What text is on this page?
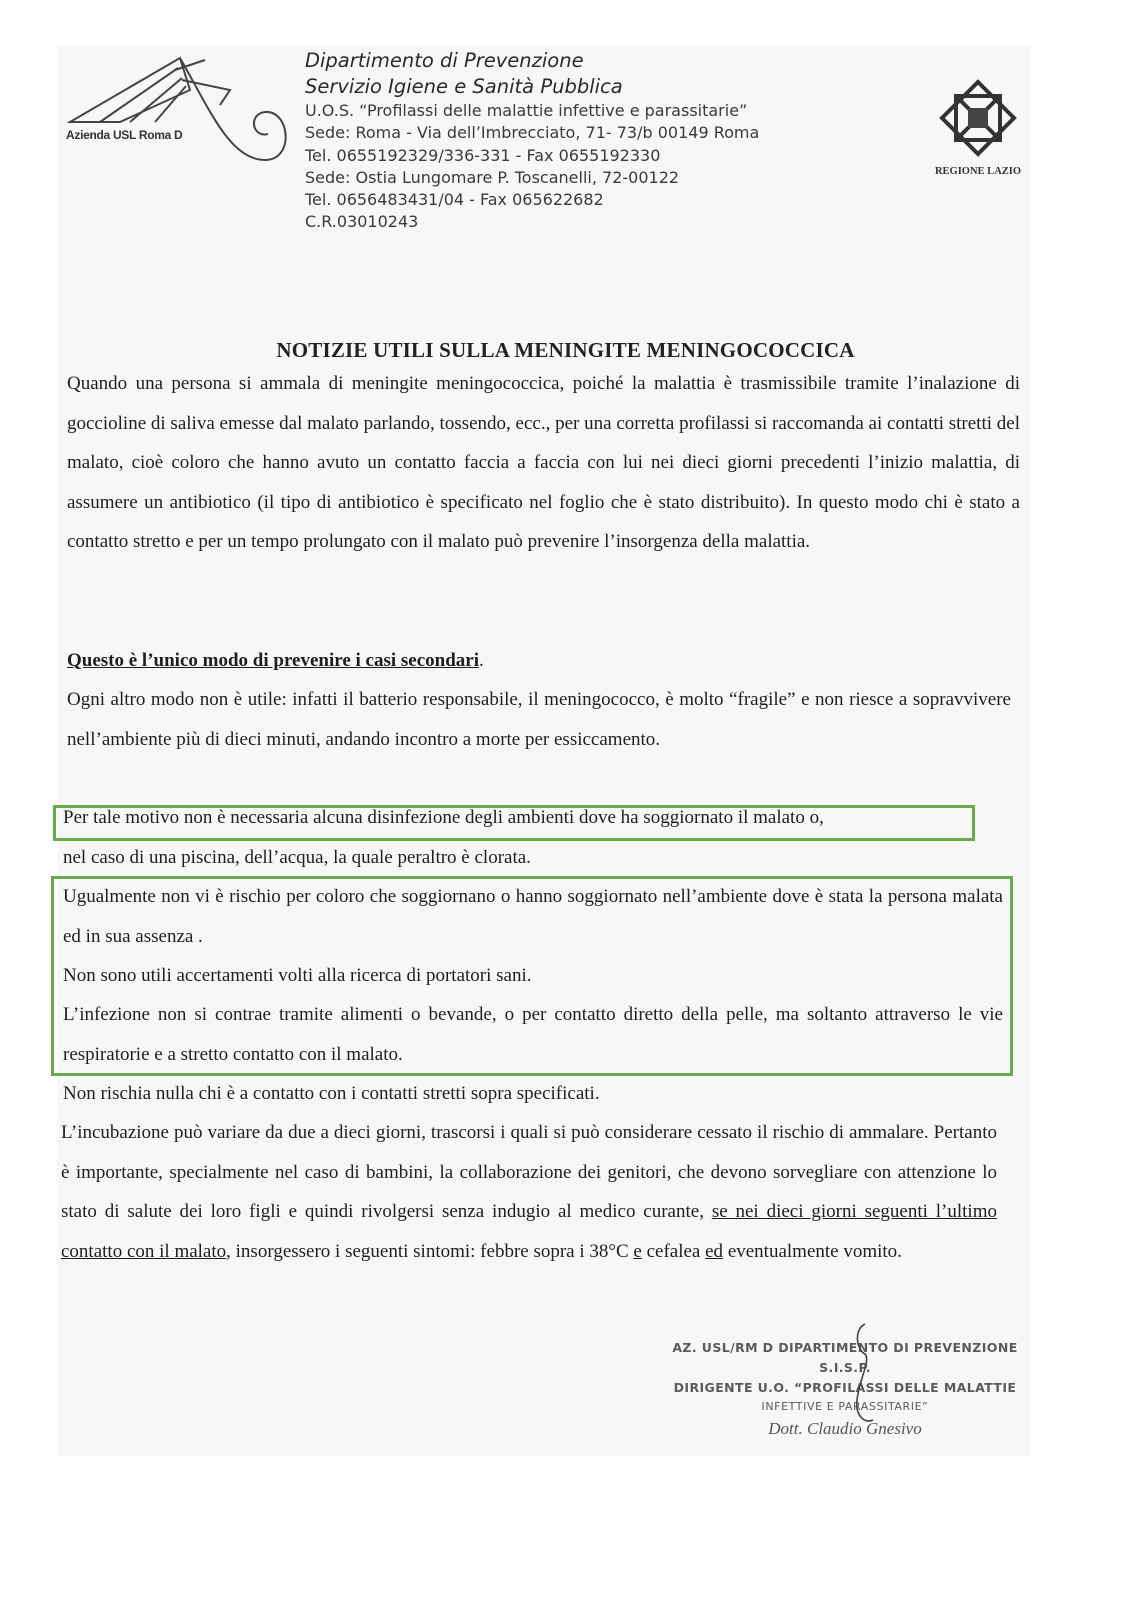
Azienda USL Roma D
Dipartimento di Prevenzione
Servizio Igiene e Sanità Pubblica
U.O.S. “Profilassi delle malattie infettive e parassitarie”
Sede: Roma - Via dell’Imbrecciato, 71- 73/b 00149 Roma
Tel. 0655192329/336-331 - Fax 0655192330
Sede: Ostia Lungomare P. Toscanelli, 72-00122
Tel. 0656483431/04 - Fax 065622682
C.R.03010243
REGIONE LAZIO
NOTIZIE UTILI SULLA MENINGITE MENINGOCOCCICA
Quando una persona si ammala di meningite meningococcica, poiché la malattia è trasmissibile tramite l’inalazione di goccioline di saliva emesse dal malato parlando, tossendo, ecc., per una corretta profilassi si raccomanda ai contatti stretti del malato, cioè coloro che hanno avuto un contatto faccia a faccia con lui nei dieci giorni precedenti l’inizio malattia, di assumere un antibiotico (il tipo di antibiotico è specificato nel foglio che è stato distribuito). In questo modo chi è stato a contatto stretto e per un tempo prolungato con il malato può prevenire l’insorgenza della malattia.
Questo è l’unico modo di prevenire i casi secondari.
Ogni altro modo non è utile: infatti il batterio responsabile, il meningococco, è molto “fragile” e non riesce a sopravvivere nell’ambiente più di dieci minuti, andando incontro a morte per essiccamento.
Per tale motivo non è necessaria alcuna disinfezione degli ambienti dove ha soggiornato il malato o,
nel caso di una piscina, dell’acqua, la quale peraltro è clorata.
Ugualmente non vi è rischio per coloro che soggiornano o hanno soggiornato nell’ambiente dove è stata la persona malata ed in sua assenza .
Non sono utili accertamenti volti alla ricerca di portatori sani.
L’infezione non si contrae tramite alimenti o bevande, o per contatto diretto della pelle, ma soltanto attraverso le vie respiratorie e a stretto contatto con il malato.
Non rischia nulla chi è a contatto con i contatti stretti sopra specificati.
L’incubazione può variare da due a dieci giorni, trascorsi i quali si può considerare cessato il rischio di ammalare. Pertanto è importante, specialmente nel caso di bambini, la collaborazione dei genitori, che devono sorvegliare con attenzione lo stato di salute dei loro figli e quindi rivolgersi senza indugio al medico curante, se nei dieci giorni seguenti l’ultimo contatto con il malato, insorgessero i seguenti sintomi: febbre sopra i 38°C e cefalea ed eventualmente vomito.
AZ. USL/RM D DIPARTIMENTO DI PREVENZIONE S.I.S.P.
DIRIGENTE U.O. “PROFILASSI DELLE MALATTIE
INFETTIVE E PARASSITARIE”
Dott. Claudio Gnesivo
